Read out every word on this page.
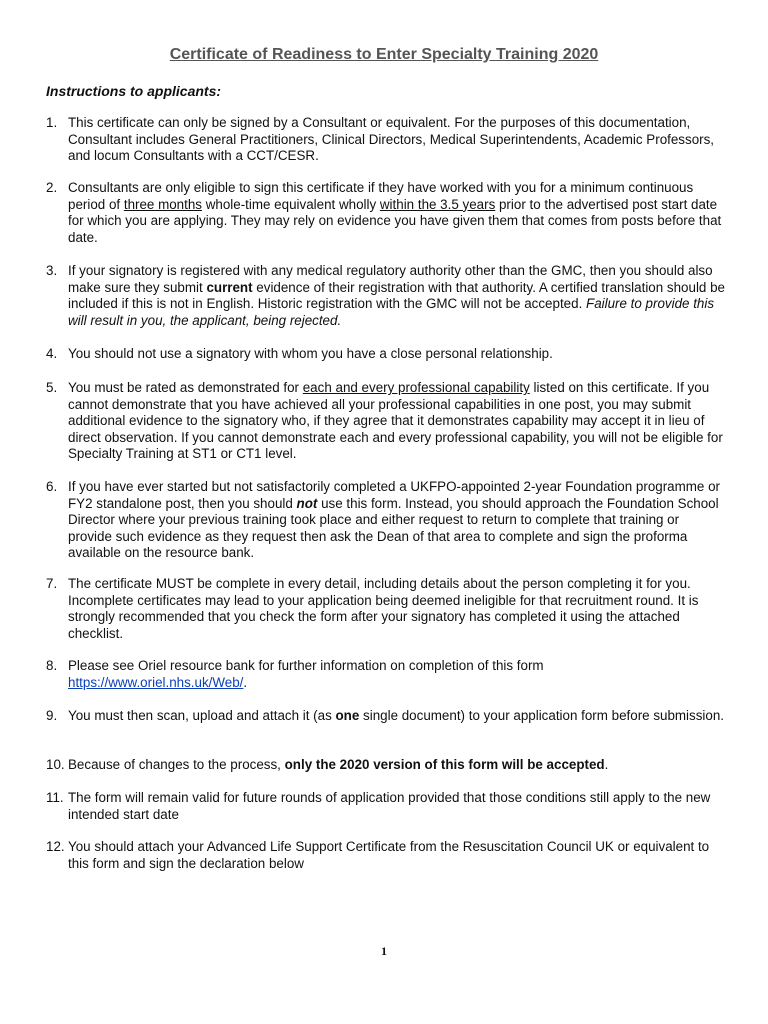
Certificate of Readiness to Enter Specialty Training 2020
Instructions to applicants:
1. This certificate can only be signed by a Consultant or equivalent. For the purposes of this documentation, Consultant includes General Practitioners, Clinical Directors, Medical Superintendents, Academic Professors, and locum Consultants with a CCT/CESR.
2. Consultants are only eligible to sign this certificate if they have worked with you for a minimum continuous period of three months whole-time equivalent wholly within the 3.5 years prior to the advertised post start date for which you are applying. They may rely on evidence you have given them that comes from posts before that date.
3. If your signatory is registered with any medical regulatory authority other than the GMC, then you should also make sure they submit current evidence of their registration with that authority. A certified translation should be included if this is not in English. Historic registration with the GMC will not be accepted. Failure to provide this will result in you, the applicant, being rejected.
4. You should not use a signatory with whom you have a close personal relationship.
5. You must be rated as demonstrated for each and every professional capability listed on this certificate. If you cannot demonstrate that you have achieved all your professional capabilities in one post, you may submit additional evidence to the signatory who, if they agree that it demonstrates capability may accept it in lieu of direct observation. If you cannot demonstrate each and every professional capability, you will not be eligible for Specialty Training at ST1 or CT1 level.
6. If you have ever started but not satisfactorily completed a UKFPO-appointed 2-year Foundation programme or FY2 standalone post, then you should not use this form. Instead, you should approach the Foundation School Director where your previous training took place and either request to return to complete that training or provide such evidence as they request then ask the Dean of that area to complete and sign the proforma available on the resource bank.
7. The certificate MUST be complete in every detail, including details about the person completing it for you. Incomplete certificates may lead to your application being deemed ineligible for that recruitment round. It is strongly recommended that you check the form after your signatory has completed it using the attached checklist.
8. Please see Oriel resource bank for further information on completion of this form https://www.oriel.nhs.uk/Web/.
9. You must then scan, upload and attach it (as one single document) to your application form before submission.
10. Because of changes to the process, only the 2020 version of this form will be accepted.
11. The form will remain valid for future rounds of application provided that those conditions still apply to the new intended start date
12. You should attach your Advanced Life Support Certificate from the Resuscitation Council UK or equivalent to this form and sign the declaration below
1
